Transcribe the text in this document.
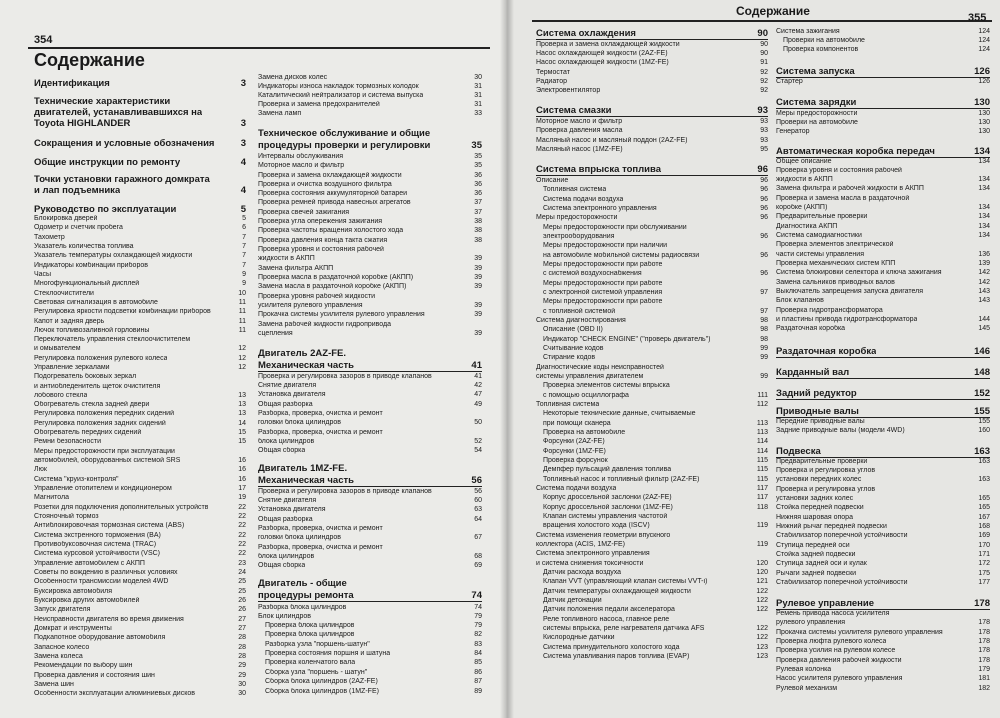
354
Содержание
Идентификация	3
Технические характеристики
двигателей, устанавливавшихся на
Toyota HIGHLANDER	3
Сокращения и условные обозначения	3
Общие инструкции по ремонту	4
Точки установки гаражного домкрата
и лап подъемника	4
Руководство по эксплуатации	5
Блокировка дверей	5
Одометр и счетчик пробега	6
Тахометр	7
Указатель количества топлива	7
Указатель температуры охлаждающей жидкости	7
Индикаторы комбинации приборов	7
Часы	9
Многофункциональный дисплей	9
Стеклоочистители	10
Световая сигнализация в автомобиле	11
Регулировка яркости подсветки комбинации приборов	11
Капот и задняя дверь	11
Лючок топливозаливной горловины	11
Переключатель управления стеклоочистителем
и омывателем	12
Регулировка положения рулевого колеса	12
Управление зеркалами	12
Подогреватель боковых зеркал
и антиобледенитель щеток очистителя
лобового стекла	13
Обогреватель стекла задней двери	13
Регулировка положения передних сидений	13
Регулировка положения задних сидений	14
Обогреватель передних сидений	15
Ремни безопасности	15
Меры предосторожности при эксплуатации
автомобилей, оборудованных системой SRS	16
Люк	16
Система "круиз-контроля"	16
Управление отопителем и кондиционером	17
Магнитола	19
Розетки для подключения дополнительных устройств	22
Стояночный тормоз	22
Антиблокировочная тормозная система (ABS)	22
Система экстренного торможения (BA)	22
Противобуксовочная система (TRAC)	22
Система курсовой устойчивости (VSC)	22
Управление автомобилем с АКПП	23
Советы по вождению в различных условиях	24
Особенности трансмиссии моделей 4WD	25
Буксировка автомобиля	25
Буксировка других автомобилей	26
Запуск двигателя	26
Неисправности двигателя во время движения	27
Домкрат и инструменты	27
Подкапотное оборудование автомобиля	28
Запасное колесо	28
Замена колеса	28
Рекомендации по выбору шин	29
Проверка давления и состояния шин	29
Замена шин	30
Особенности эксплуатации алюминиевых дисков	30
Замена дисков колес	30
Индикаторы износа накладок тормозных колодок	31
Каталитический нейтрализатор и система выпуска	31
Проверка и замена предохранителей	31
Замена ламп	33
Техническое обслуживание и общие
процедуры проверки и регулировки	35
Интервалы обслуживания	35
Моторное масло и фильтр	35
Проверка и замена охлаждающей жидкости	36
Проверка и очистка воздушного фильтра	36
Проверка состояния аккумуляторной батареи	36
Проверка ремней привода навесных агрегатов	37
Проверка свечей зажигания	37
Проверка угла опережения зажигания	38
Проверка частоты вращения холостого хода	38
Проверка давления конца такта сжатия	38
Проверка уровня и состояния рабочей
жидкости в АКПП	39
Замена фильтра АКПП	39
Проверка масла в раздаточной коробке (АКПП)	39
Замена масла в раздаточной коробке (АКПП)	39
Проверка уровня рабочей жидкости
усилителя рулевого управления	39
Прокачка системы усилителя рулевого управления	39
Замена рабочей жидкости гидропривода
сцепления	39
Двигатель 2AZ-FE.
Механическая часть	41
Проверка и регулировка зазоров в приводе клапанов	41
Снятие двигателя	42
Установка двигателя	47
Общая разборка	49
Разборка, проверка, очистка и ремонт
головки блока цилиндров	50
Разборка, проверка, очистка и ремонт
блока цилиндров	52
Общая сборка	54
Двигатель 1MZ-FE.
Механическая часть	56
Проверка и регулировка зазоров в приводе клапанов	56
Снятие двигателя	60
Установка двигателя	63
Общая разборка	64
Разборка, проверка, очистка и ремонт
головки блока цилиндров	67
Разборка, проверка, очистка и ремонт
блока цилиндров	68
Общая сборка	69
Двигатель - общие
процедуры ремонта	74
Разборка блока цилиндров	74
Блок цилиндров	79
Проверка блока цилиндров	79
Проверка блока цилиндров	82
Разборка узла "поршень-шатун"	83
Проверка состояния поршня и шатуна	84
Проверка коленчатого вала	85
Сборка узла "поршень - шатун"	86
Сборка блока цилиндров (2AZ-FE)	87
Сборка блока цилиндров (1MZ-FE)	89
Содержание	355
Система охлаждения	90
Проверка и замена охлаждающей жидкости	90
Насос охлаждающей жидкости (2AZ-FE)	90
Насос охлаждающей жидкости (1MZ-FE)	91
Термостат	92
Радиатор	92
Электровентилятор	92
Система смазки	93
Моторное масло и фильтр	93
Проверка давления масла	93
Масляный насос и масляный поддон (2AZ-FE)	93
Масляный насос (1MZ-FE)	95
Система впрыска топлива	96
Описание	96
Топливная система	96
Система подачи воздуха	96
Система электронного управления	96
Меры предосторожности	96
Меры предосторожности при обслуживании
электрооборудования	96
Меры предосторожности при наличии
на автомобиле мобильной системы радиосвязи	96
Меры предосторожности при работе
с системой воздухоснабжения	96
Меры предосторожности при работе
с электронной системой управления	97
Меры предосторожности при работе
с топливной системой	97
Система диагностирования	98
Описание (OBD II)	98
Индикатор "CHECK ENGINE" ("проверь двигатель")	98
Считывание кодов	99
Стирание кодов	99
Диагностические коды неисправностей
системы управления двигателем	99
Проверка элементов системы впрыска
с помощью осциллографа	111
Топливная система	112
Некоторые технические данные, считываемые
при помощи сканера	113
Проверка на автомобиле	113
Форсунки (2AZ-FE)	114
Форсунки (1MZ-FE)	114
Проверка форсунок	115
Демпфер пульсаций давления топлива	115
Топливный насос и топливный фильтр (2AZ-FE)	115
Система подачи воздуха	117
Корпус дроссельной заслонки (2AZ-FE)	117
Корпус дроссельной заслонки (1MZ-FE)	118
Клапан системы управления частотой
вращения холостого хода (ISCV)	119
Система изменения геометрии впускного
коллектора (ACIS, 1MZ-FE)	119
Система электронного управления
и система снижения токсичности	120
Датчик расхода воздуха	120
Клапан VVT (управляющий клапан системы VVT-i)	121
Датчик температуры охлаждающей жидкости	122
Датчик детонации	122
Датчик положения педали акселератора	122
Реле топливного насоса, главное реле
системы впрыска, реле нагревателя датчика AFS	122
Кислородные датчики	122
Система принудительного холостого хода	123
Система улавливания паров топлива (EVAP)	123
Система зажигания	124
Проверки на автомобиле	124
Проверка компонентов	124
Система запуска	126
Стартер	126
Система зарядки	130
Меры предосторожности	130
Проверки на автомобиле	130
Генератор	130
Автоматическая коробка передач	134
Общее описание	134
Проверка уровня и состояния рабочей
жидкости в АКПП	134
Замена фильтра и рабочей жидкости в АКПП	134
Проверка и замена масла в раздаточной
коробке (АКПП)	134
Предварительные проверки	134
Диагностика АКПП	134
Система самодиагностики	134
Проверка элементов электрической
части системы управления	136
Проверка механических систем КПП	139
Система блокировки селектора и ключа зажигания	142
Замена сальников приводных валов	142
Выключатель запрещения запуска двигателя	143
Блок клапанов	143
Проверка гидротрансформатора
и пластины привода гидротрансформатора	144
Раздаточная коробка	145
Раздаточная коробка	146
Карданный вал	148
Задний редуктор	152
Приводные валы	155
Передние приводные валы	155
Задние приводные валы (модели 4WD)	160
Подвеска	163
Предварительные проверки	163
Проверка и регулировка углов
установки передних колес	163
Проверка и регулировка углов
установки задних колес	165
Стойка передней подвески	165
Нижняя шаровая опора	167
Нижний рычаг передней подвески	168
Стабилизатор поперечной устойчивости	169
Ступица передней оси	170
Стойка задней подвески	171
Ступица задней оси и кулак	172
Рычаги задней подвески	175
Стабилизатор поперечной устойчивости	177
Рулевое управление	178
Ремень привода насоса усилителя
рулевого управления	178
Прокачка системы усилителя рулевого управления	178
Проверка люфта рулевого колеса	178
Проверка усилия на рулевом колесе	178
Проверка давления рабочей жидкости	178
Рулевая колонка	179
Насос усилителя рулевого управления	181
Рулевой механизм	182
